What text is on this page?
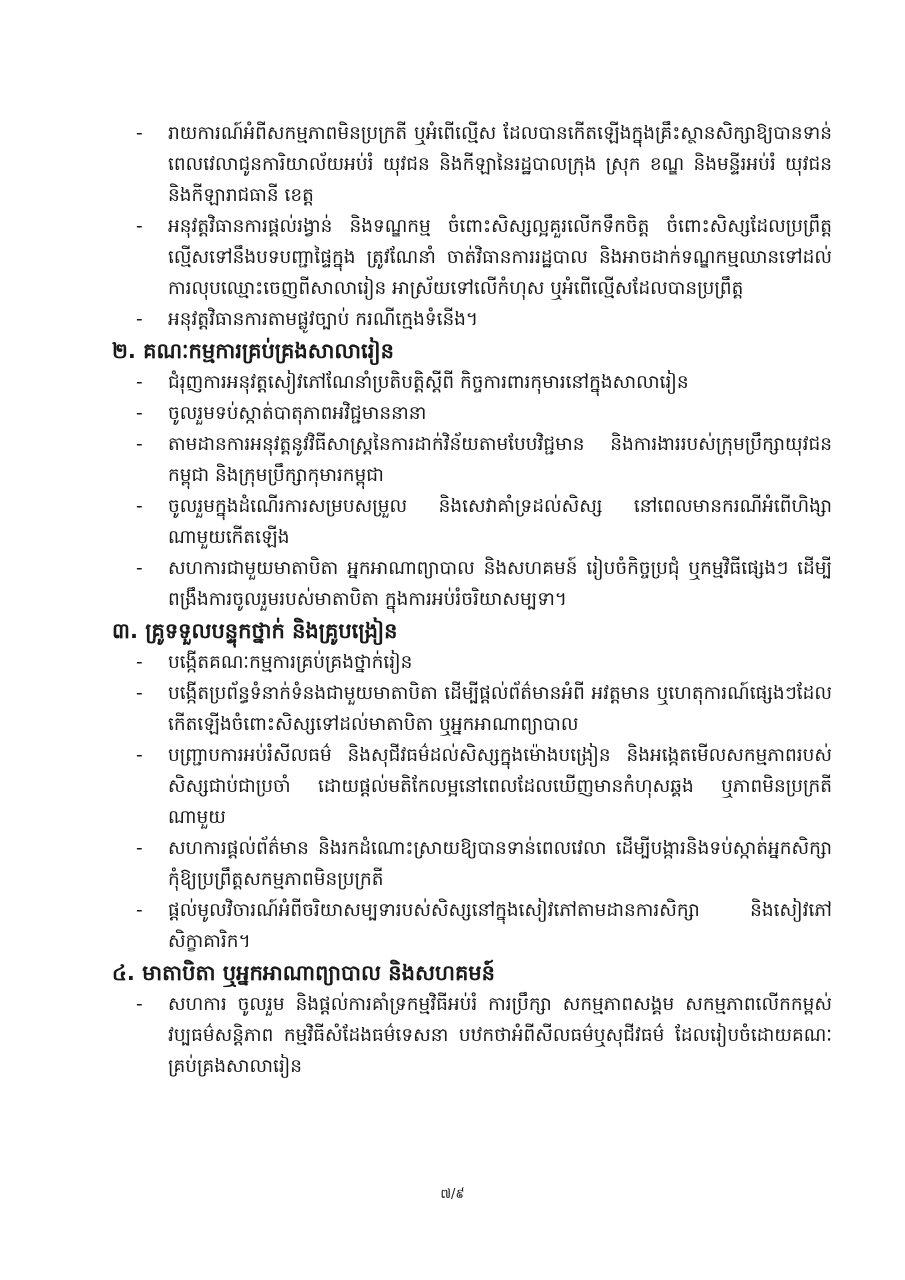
- រាយការណ៍អំពីសកម្មភាពមិនប្រក្រតី ឬអំពើល្មើស ដែលបានកើតឡើងក្នុងគ្រឹះស្ថានសិក្សាឱ្យបានទាន់ពេលវេលាជូនការិយាល័យអប់រំ យុវជន និងកីឡានៃរដ្ឋបាលក្រុង ស្រុក ខណ្ឌ និងមន្ទីរអប់រំ យុវជន និងកីឡារាជធានី ខេត្ត
- អនុវត្តវិធានការផ្តល់រង្វាន់ និងទណ្ឌកម្ម ចំពោះសិស្សល្អគួរលើកទឹកចិត្ត ចំពោះសិស្សដែលប្រព្រឹត្តល្មើសទៅនឹងបទបញ្ជាផ្ទៃក្នុង ត្រូវណែនាំ ចាត់វិធានការរដ្ឋបាល និងអាចដាក់ទណ្ឌកម្មឈានទៅដល់ការលុបឈ្មោះចេញពីសាលារៀន អាស្រ័យទៅលើកំហុស ឬអំពើល្មើសដែលបានប្រព្រឹត្ត
- អនុវត្តវិធានការតាមផ្លូវច្បាប់ ករណីក្មេងទំនើង។
២. គណៈកម្មការគ្រប់គ្រងសាលារៀន
- ជំរុញការអនុវត្តសៀវភៅណែនាំប្រតិបត្តិស្តីពី កិច្ចការពារកុមារនៅក្នុងសាលារៀន
- ចូលរួមទប់ស្កាត់បាតុភាពអវិជ្ជមាននានា
- តាមដានការអនុវត្តនូវវិធីសាស្ត្រនៃការដាក់វិន័យតាមបែបវិជ្ជមាន និងការងាររបស់ក្រុមប្រឹក្សាយុវជនកម្ពុជា និងក្រុមប្រឹក្សាកុមារកម្ពុជា
- ចូលរួមក្នុងដំណើរការសម្របសម្រួល និងសេវាគាំទ្រដល់សិស្ស នៅពេលមានករណីអំពើហិង្សាណាមួយកើតឡើង
- សហការជាមួយមាតាបិតា អ្នកអាណាព្យាបាល និងសហគមន៍ រៀបចំកិច្ចប្រជុំ ឬកម្មវិធីផ្សេងៗ ដើម្បីពង្រឹងការចូលរួមរបស់មាតាបិតា ក្នុងការអប់រំចរិយាសម្បទា។
៣. គ្រូទទួលបន្ទុកថ្នាក់ និងគ្រូបង្រៀន
- បង្កើតគណៈកម្មការគ្រប់គ្រងថ្នាក់រៀន
- បង្កើតប្រព័ន្ធទំនាក់ទំនងជាមួយមាតាបិតា ដើម្បីផ្តល់ព័ត៌មានអំពី អវត្តមាន ឬហេតុការណ៍ផ្សេងៗដែលកើតឡើងចំពោះសិស្សទៅដល់មាតាបិតា ឬអ្នកអាណាព្យាបាល
- បញ្ជ្រាបការអប់រំសីលធម៌ និងសុជីវធម៌ដល់សិស្សក្នុងម៉ោងបង្រៀន និងអង្កេតមើលសកម្មភាពរបស់សិស្សជាប់ជាប្រចាំ ដោយផ្តល់មតិកែលម្អនៅពេលដែលឃើញមានកំហុសឆ្គង ឬភាពមិនប្រក្រតីណាមួយ
- សហការផ្តល់ព័ត៌មាន និងរកដំណោះស្រាយឱ្យបានទាន់ពេលវេលា ដើម្បីបង្ការនិងទប់ស្កាត់អ្នកសិក្សាកុំឱ្យប្រព្រឹត្តសកម្មភាពមិនប្រក្រតី
- ផ្តល់មូលវិចារណ៍អំពីចរិយាសម្បទារបស់សិស្សនៅក្នុងសៀវភៅតាមដានការសិក្សា និងសៀវភៅសិក្ខាគារិក។
៤. មាតាបិតា ឬអ្នកអាណាព្យាបាល និងសហគមន៍
- សហការ ចូលរួម និងផ្តល់ការគាំទ្រកម្មវិធីអប់រំ ការប្រឹក្សា សកម្មភាពសង្គម សកម្មភាពលើកកម្ពស់វប្បធម៌សន្តិភាព កម្មវិធីសំដែងធម៌ទេសនា បឋកថាអំពីសីលធម៌ឬសុជីវធម៌ ដែលរៀបចំដោយគណៈគ្រប់គ្រងសាលារៀន
៧/៩
